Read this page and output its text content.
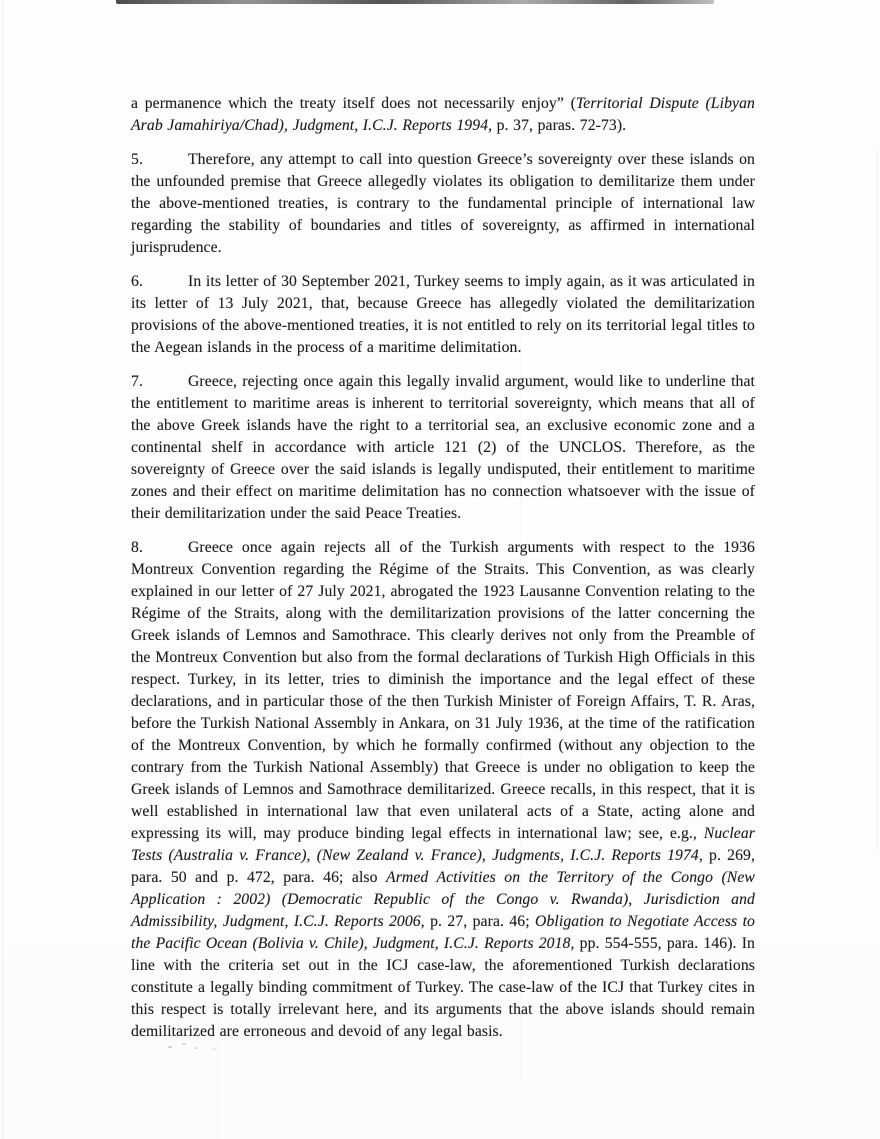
a permanence which the treaty itself does not necessarily enjoy” (Territorial Dispute (Libyan Arab Jamahiriya/Chad), Judgment, I.C.J. Reports 1994, p. 37, paras. 72-73).
5.	Therefore, any attempt to call into question Greece’s sovereignty over these islands on the unfounded premise that Greece allegedly violates its obligation to demilitarize them under the above-mentioned treaties, is contrary to the fundamental principle of international law regarding the stability of boundaries and titles of sovereignty, as affirmed in international jurisprudence.
6.	In its letter of 30 September 2021, Turkey seems to imply again, as it was articulated in its letter of 13 July 2021, that, because Greece has allegedly violated the demilitarization provisions of the above-mentioned treaties, it is not entitled to rely on its territorial legal titles to the Aegean islands in the process of a maritime delimitation.
7.	Greece, rejecting once again this legally invalid argument, would like to underline that the entitlement to maritime areas is inherent to territorial sovereignty, which means that all of the above Greek islands have the right to a territorial sea, an exclusive economic zone and a continental shelf in accordance with article 121 (2) of the UNCLOS. Therefore, as the sovereignty of Greece over the said islands is legally undisputed, their entitlement to maritime zones and their effect on maritime delimitation has no connection whatsoever with the issue of their demilitarization under the said Peace Treaties.
8.	Greece once again rejects all of the Turkish arguments with respect to the 1936 Montreux Convention regarding the Régime of the Straits. This Convention, as was clearly explained in our letter of 27 July 2021, abrogated the 1923 Lausanne Convention relating to the Régime of the Straits, along with the demilitarization provisions of the latter concerning the Greek islands of Lemnos and Samothrace. This clearly derives not only from the Preamble of the Montreux Convention but also from the formal declarations of Turkish High Officials in this respect. Turkey, in its letter, tries to diminish the importance and the legal effect of these declarations, and in particular those of the then Turkish Minister of Foreign Affairs, T. R. Aras, before the Turkish National Assembly in Ankara, on 31 July 1936, at the time of the ratification of the Montreux Convention, by which he formally confirmed (without any objection to the contrary from the Turkish National Assembly) that Greece is under no obligation to keep the Greek islands of Lemnos and Samothrace demilitarized. Greece recalls, in this respect, that it is well established in international law that even unilateral acts of a State, acting alone and expressing its will, may produce binding legal effects in international law; see, e.g., Nuclear Tests (Australia v. France), (New Zealand v. France), Judgments, I.C.J. Reports 1974, p. 269, para. 50 and p. 472, para. 46; also Armed Activities on the Territory of the Congo (New Application : 2002) (Democratic Republic of the Congo v. Rwanda), Jurisdiction and Admissibility, Judgment, I.C.J. Reports 2006, p. 27, para. 46; Obligation to Negotiate Access to the Pacific Ocean (Bolivia v. Chile), Judgment, I.C.J. Reports 2018, pp. 554-555, para. 146). In line with the criteria set out in the ICJ case-law, the aforementioned Turkish declarations constitute a legally binding commitment of Turkey. The case-law of the ICJ that Turkey cites in this respect is totally irrelevant here, and its arguments that the above islands should remain demilitarized are erroneous and devoid of any legal basis.
